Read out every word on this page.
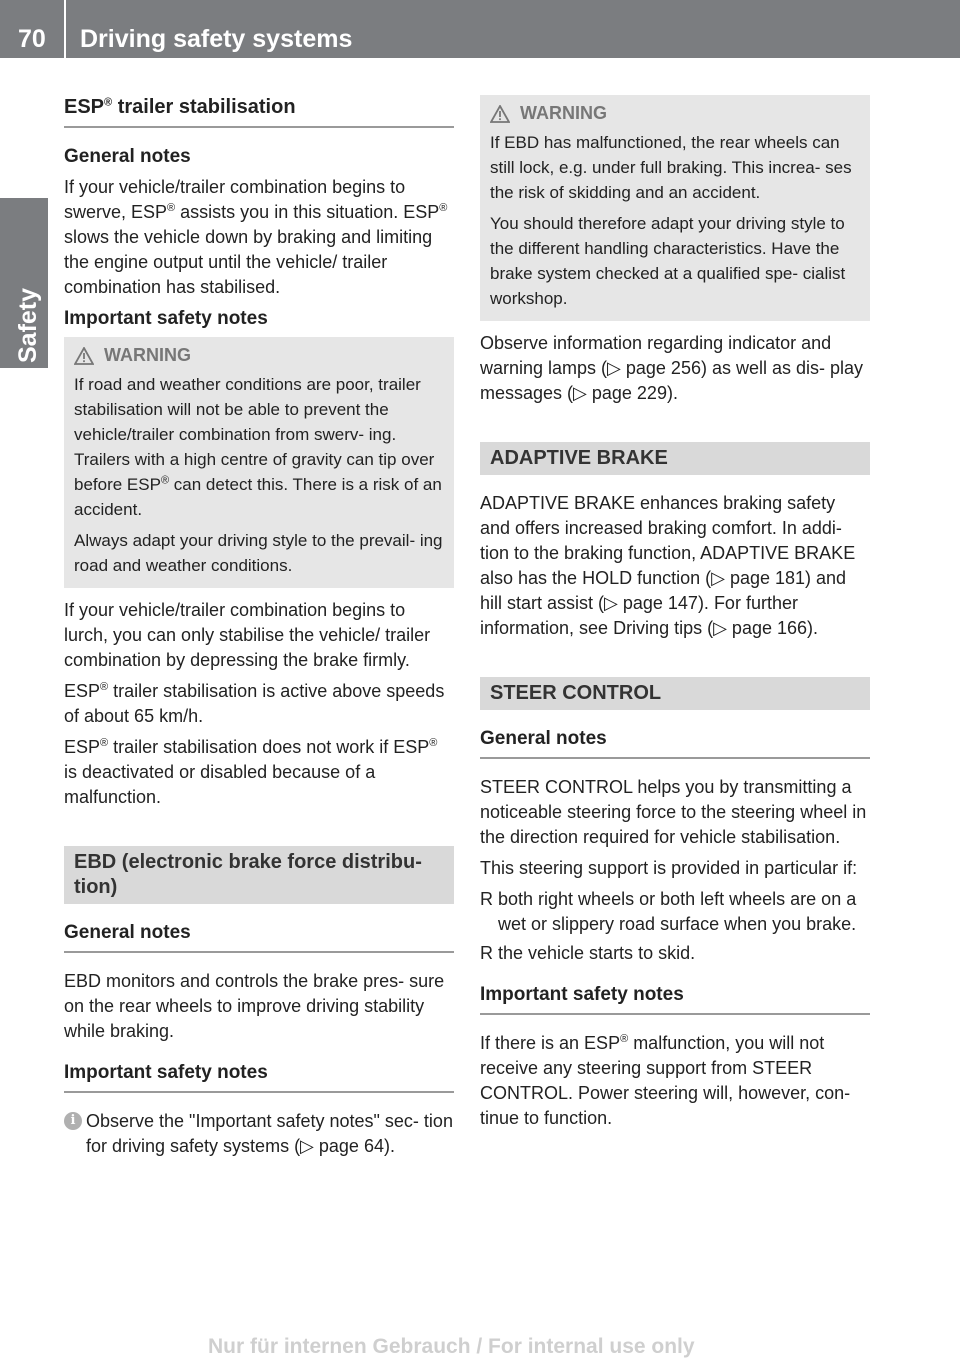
70 Driving safety systems
Safety
ESP® trailer stabilisation
General notes

If your vehicle/trailer combination begins to swerve, ESP® assists you in this situation. ESP® slows the vehicle down by braking and limiting the engine output until the vehicle/ trailer combination has stabilised.

Important safety notes
WARNING

If road and weather conditions are poor, trailer stabilisation will not be able to prevent the vehicle/trailer combination from swerv- ing. Trailers with a high centre of gravity can tip over before ESP® can detect this. There is a risk of an accident.

Always adapt your driving style to the prevail- ing road and weather conditions.

If your vehicle/trailer combination begins to lurch, you can only stabilise the vehicle/ trailer combination by depressing the brake firmly.

ESP® trailer stabilisation is active above speeds of about 65 km/h.

ESP® trailer stabilisation does not work if ESP® is deactivated or disabled because of a malfunction.

EBD (electronic brake force distribu- tion)
General notes

EBD monitors and controls the brake pres- sure on the rear wheels to improve driving stability while braking.

Important safety notes
i Observe the "Important safety notes" sec- tion for driving safety systems (▷ page 64).
WARNING

If EBD has malfunctioned, the rear wheels can still lock, e.g. under full braking. This increa- ses the risk of skidding and an accident.

You should therefore adapt your driving style to the different handling characteristics. Have the brake system checked at a qualified spe- cialist workshop.

Observe information regarding indicator and warning lamps (▷ page 256) as well as dis- play messages (▷ page 229).

ADAPTIVE BRAKE

ADAPTIVE BRAKE enhances braking safety and offers increased braking comfort. In addi- tion to the braking function, ADAPTIVE BRAKE also has the HOLD function (▷ page 181) and hill start assist (▷ page 147). For further information, see Driving tips (▷ page 166).

STEER CONTROL
General notes

STEER CONTROL helps you by transmitting a noticeable steering force to the steering wheel in the direction required for vehicle stabilisation.

This steering support is provided in particular if:

R both right wheels or both left wheels are on a wet or slippery road surface when you brake.
R the vehicle starts to skid.
Important safety notes

If there is an ESP® malfunction, you will not receive any steering support from STEER CONTROL. Power steering will, however, con- tinue to function.

Nur für internen Gebrauch / For internal use only
